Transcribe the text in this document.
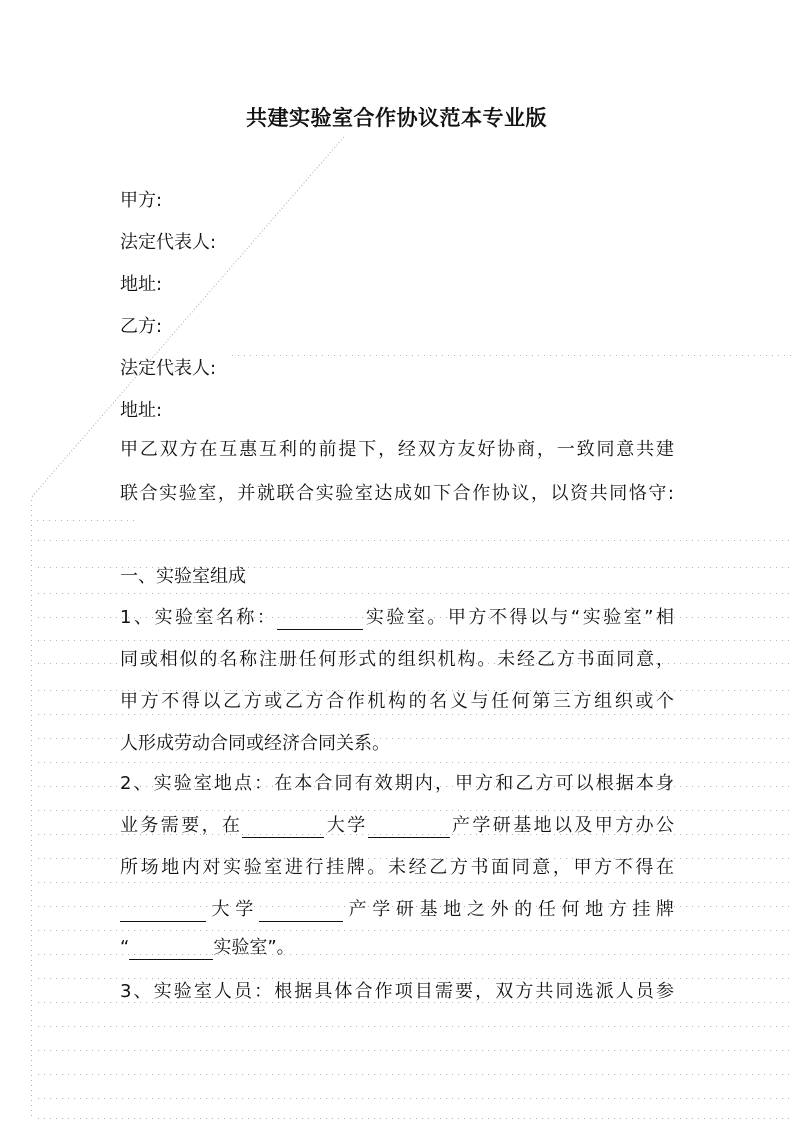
共建实验室合作协议范本专业版
甲方:
法定代表人:
地址:
乙方:
法定代表人:
地址:
甲乙双方在互惠互利的前提下，经双方友好协商，一致同意共建
联合实验室，并就联合实验室达成如下合作协议，以资共同恪守:
一、实验室组成
1、实验室名称：	实验室。甲方不得以与“实验室”相
同或相似的名称注册任何形式的组织机构。未经乙方书面同意，
甲方不得以乙方或乙方合作机构的名义与任何第三方组织或个
人形成劳动合同或经济合同关系。
2、实验室地点：在本合同有效期内，甲方和乙方可以根据本身
业务需要，在	大学	产学研基地以及甲方办公
所场地内对实验室进行挂牌。未经乙方书面同意，甲方不得在
大学	产学研基地之外的任何地方挂牌
“	实验室”。
3、实验室人员：根据具体合作项目需要，双方共同选派人员参
